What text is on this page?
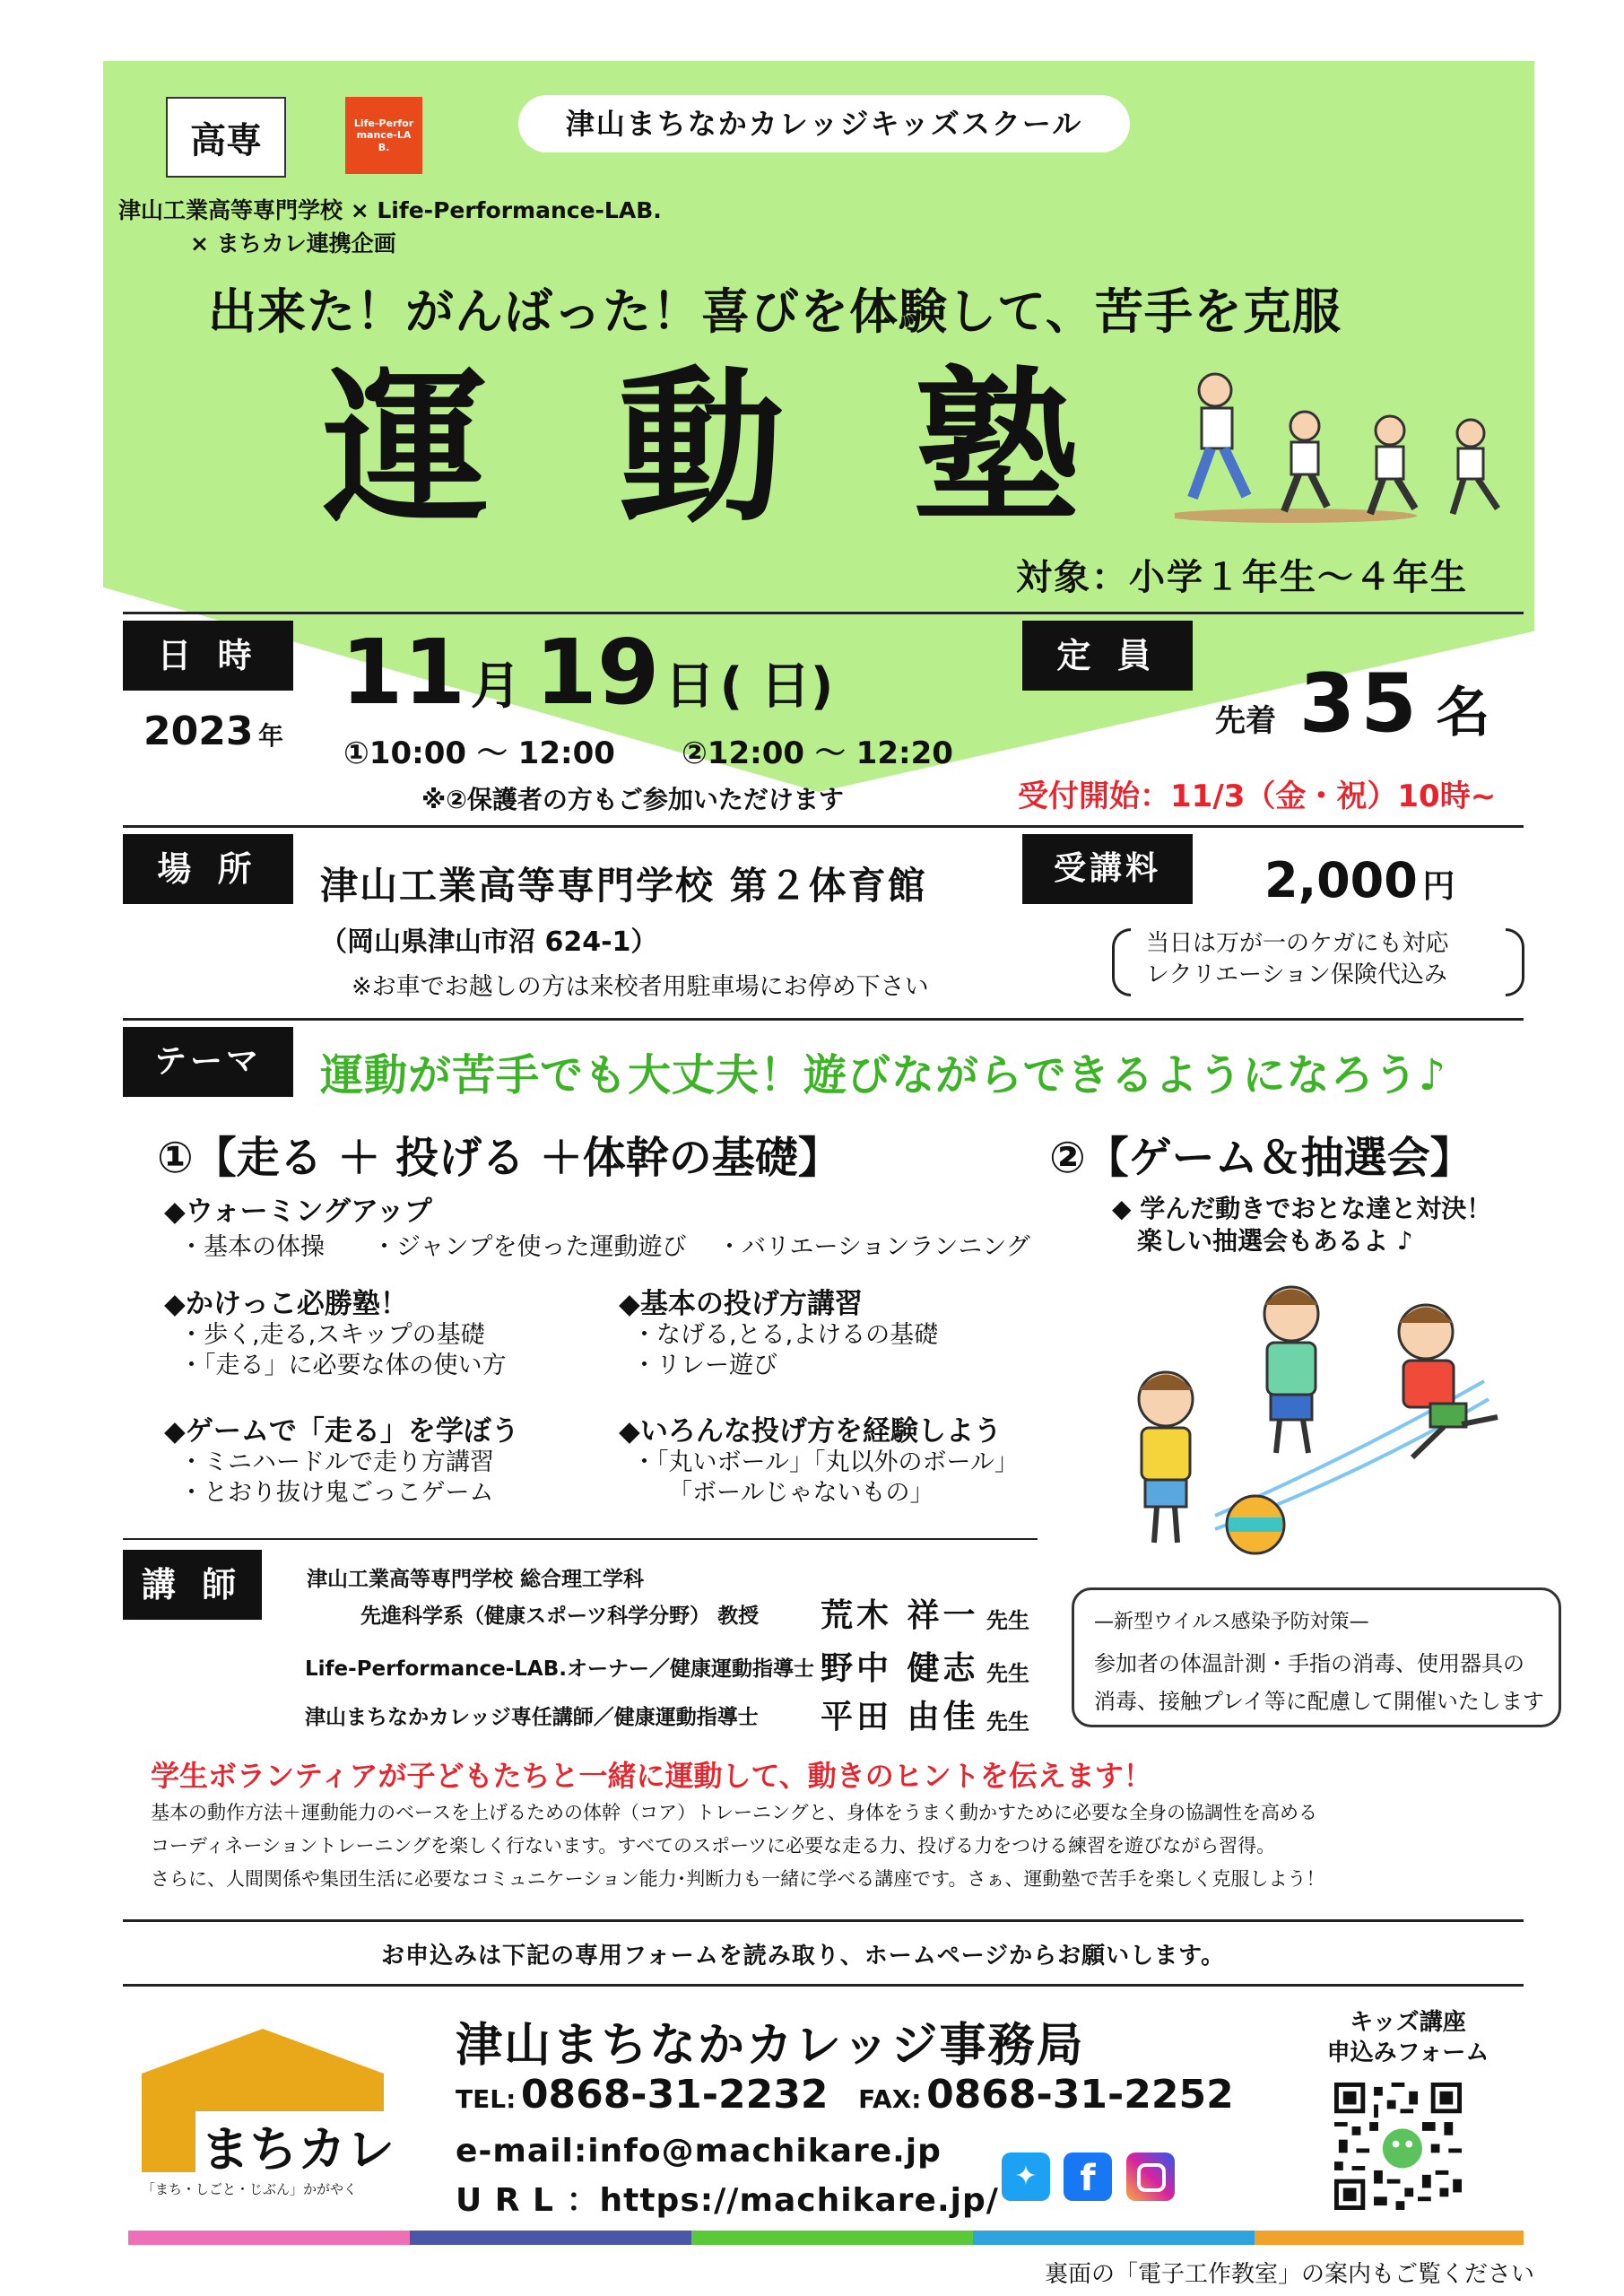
高専	Life-Performance-LAB.
津山まちなかカレッジキッズスクール
津山工業高等専門学校 × Life-Performance-LAB.
× まちカレ連携企画
出来た！がんばった！喜びを体験して、苦手を克服
運 動 塾
対象：小学１年生～４年生
日 時
2023 年
11 月 19 日 ( 日)
①10:00 ～ 12:00 ②12:00 ～ 12:20
※②保護者の方もご参加いただけます
定 員
先着 35 名
受付開始：11/3（金・祝）10時~
場 所	津山工業高等専門学校 第２体育館
（岡山県津山市沼 624-1）
※お車でお越しの方は来校者用駐車場にお停め下さい
受講料	2,000 円
当日は万が一のケガにも対応
レクリエーション保険代込み
テーマ	運動が苦手でも大丈夫！遊びながらできるようになろう♪
①【走る ＋ 投げる ＋体幹の基礎】
◆ウォーミングアップ
・基本の体操 ・ジャンプを使った運動遊び ・バリエーションランニング
◆かけっこ必勝塾！
・歩く,走る,スキップの基礎
・「走る」に必要な体の使い方
◆基本の投げ方講習
・なげる,とる,よけるの基礎
・リレー遊び
◆ゲームで「走る」を学ぼう
・ミニハードルで走り方講習
・とおり抜け鬼ごっこゲーム
◆いろんな投げ方を経験しよう
・「丸いボール」「丸以外のボール」
「ボールじゃないもの」
②【ゲーム＆抽選会】
◆ 学んだ動きでおとな達と対決！
楽しい抽選会もあるよ ♪
講 師	津山工業高等専門学校 総合理工学科
先進科学系（健康スポーツ科学分野） 教授 荒木 祥一 先生
Life-Performance-LAB.オーナー／健康運動指導士 野中 健志 先生
津山まちなかカレッジ専任講師／健康運動指導士 平田 由佳 先生
—新型ウイルス感染予防対策—
参加者の体温計測・手指の消毒、使用器具の
消毒、接触プレイ等に配慮して開催いたします
学生ボランティアが子どもたちと一緒に運動して、動きのヒントを伝えます！
基本の動作方法＋運動能力のベースを上げるための体幹（コア）トレーニングと、身体をうまく動かすために必要な全身の協調性を高める
コーディネーショントレーニングを楽しく行ないます。すべてのスポーツに必要な走る力、投げる力をつける練習を遊びながら習得。
さらに、人間関係や集団生活に必要なコミュニケーション能力･判断力も一緒に学べる講座です。さぁ、運動塾で苦手を楽しく克服しよう！
お申込みは下記の専用フォームを読み取り、ホームページからお願いします。
まちカレ
「まち・しごと・じぶん」かがやく
津山まちなかカレッジ事務局
TEL: 0868-31-2232 FAX: 0868-31-2252
e-mail:info@machikare.jp
U R L ：https://machikare.jp/
✦	f
キッズ講座
申込みフォーム
裏面の「電子工作教室」の案内もご覧ください
